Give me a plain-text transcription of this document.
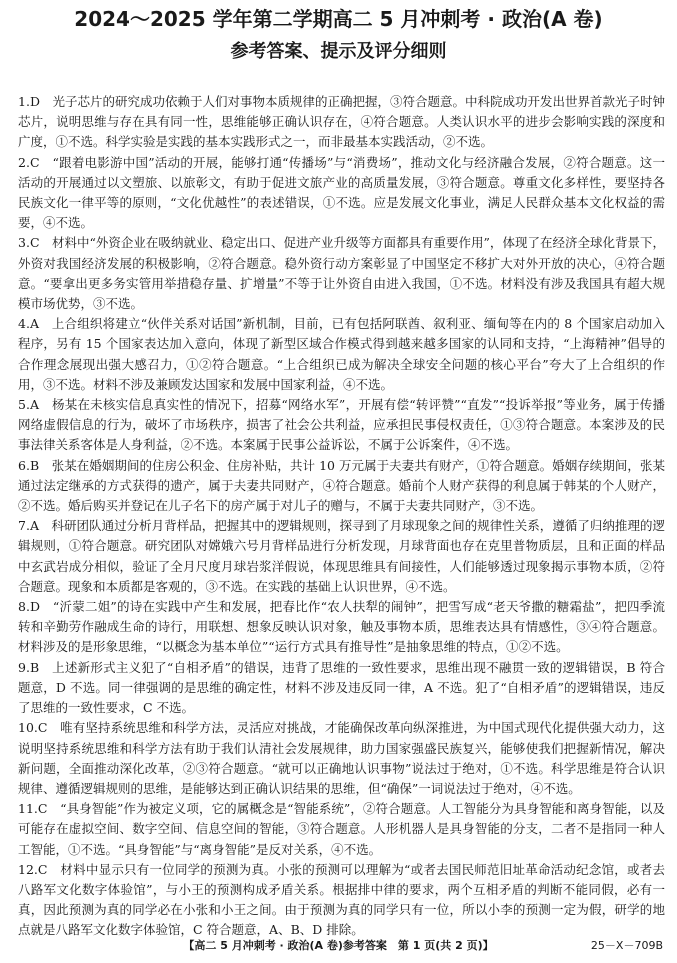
2024～2025 学年第二学期高二 5 月冲刺考 · 政治(A 卷)
参考答案、提示及评分细则

1.D　光子芯片的研究成功依赖于人们对事物本质规律的正确把握，③符合题意。中科院成功开发出世界首款光子时钟芯片，说明思维与存在具有同一性，思维能够正确认识存在，④符合题意。人类认识水平的进步会影响实践的深度和广度，①不选。科学实验是实践的基本实践形式之一，而非最基本实践活动，②不选。

2.C　“跟着电影游中国”活动的开展，能够打通“传播场”与“消费场”，推动文化与经济融合发展，②符合题意。这一活动的开展通过以文塑旅、以旅彰文，有助于促进文旅产业的高质量发展，③符合题意。尊重文化多样性，要坚持各民族文化一律平等的原则，“文化优越性”的表述错误，①不选。应是发展文化事业，满足人民群众基本文化权益的需要，④不选。

3.C　材料中“外资企业在吸纳就业、稳定出口、促进产业升级等方面都具有重要作用”，体现了在经济全球化背景下，外资对我国经济发展的积极影响，②符合题意。稳外资行动方案彰显了中国坚定不移扩大对外开放的决心，④符合题意。“要拿出更多务实管用举措稳存量、扩增量”不等于让外资自由进入我国，①不选。材料没有涉及我国具有超大规模市场优势，③不选。

4.A　上合组织将建立“伙伴关系对话国”新机制，目前，已有包括阿联酋、叙利亚、缅甸等在内的 8 个国家启动加入程序，另有 15 个国家表达加入意向，体现了新型区域合作模式得到越来越多国家的认同和支持，“上海精神”倡导的合作理念展现出强大感召力，①②符合题意。“上合组织已成为解决全球安全问题的核心平台”夸大了上合组织的作用，③不选。材料不涉及兼顾发达国家和发展中国家利益，④不选。

5.A　杨某在未核实信息真实性的情况下，招募“网络水军”，开展有偿“转评赞”“直发”“投诉举报”等业务，属于传播网络虚假信息的行为，破坏了市场秩序，损害了社会公共利益，应承担民事侵权责任，①③符合题意。本案涉及的民事法律关系客体是人身利益，②不选。本案属于民事公益诉讼，不属于公诉案件，④不选。

6.B　张某在婚姻期间的住房公积金、住房补贴，共计 10 万元属于夫妻共有财产，①符合题意。婚姻存续期间，张某通过法定继承的方式获得的遗产，属于夫妻共同财产，④符合题意。婚前个人财产获得的利息属于韩某的个人财产，②不选。婚后购买并登记在儿子名下的房产属于对儿子的赠与，不属于夫妻共同财产，③不选。

7.A　科研团队通过分析月背样品，把握其中的逻辑规则，探寻到了月球现象之间的规律性关系，遵循了归纳推理的逻辑规则，①符合题意。研究团队对嫦娥六号月背样品进行分析发现，月球背面也存在克里普物质层，且和正面的样品中玄武岩成分相似，验证了全月尺度月球岩浆洋假说，体现思维具有间接性，人们能够透过现象揭示事物本质，②符合题意。现象和本质都是客观的，③不选。在实践的基础上认识世界，④不选。

8.D　“沂蒙二姐”的诗在实践中产生和发展，把春比作“农人扶犁的闹钟”，把雪写成“老天爷撒的糖霜盐”，把四季流转和辛勤劳作融成生命的诗行，用联想、想象反映认识对象，触及事物本质，思维表达具有情感性，③④符合题意。材料涉及的是形象思维，“以概念为基本单位”“运行方式具有推导性”是抽象思维的特点，①②不选。

9.B　上述新形式主义犯了“自相矛盾”的错误，违背了思维的一致性要求，思维出现不融贯一致的逻辑错误，B 符合题意，D 不选。同一律强调的是思维的确定性，材料不涉及违反同一律，A 不选。犯了“自相矛盾”的逻辑错误，违反了思维的一致性要求，C 不选。

10.C　唯有坚持系统思维和科学方法，灵活应对挑战，才能确保改革向纵深推进，为中国式现代化提供强大动力，这说明坚持系统思维和科学方法有助于我们认清社会发展规律，助力国家强盛民族复兴，能够使我们把握新情况，解决新问题，全面推动深化改革，②③符合题意。“就可以正确地认识事物”说法过于绝对，①不选。科学思维是符合认识规律、遵循逻辑规则的思维，是能够达到正确认识结果的思维，但“确保”一词说法过于绝对，④不选。

11.C　“具身智能”作为被定义项，它的属概念是“智能系统”，②符合题意。人工智能分为具身智能和离身智能，以及可能存在虚拟空间、数字空间、信息空间的智能，③符合题意。人形机器人是具身智能的分支，二者不是指同一种人工智能，①不选。“具身智能”与“离身智能”是反对关系，④不选。

12.C　材料中显示只有一位同学的预测为真。小张的预测可以理解为“或者去国民师范旧址革命活动纪念馆，或者去八路军文化数字体验馆”，与小王的预测构成矛盾关系。根据排中律的要求，两个互相矛盾的判断不能同假，必有一真，因此预测为真的同学必在小张和小王之间。由于预测为真的同学只有一位，所以小李的预测一定为假，研学的地点就是八路军文化数字体验馆，C 符合题意，A、B、D 排除。

【高二 5 月冲刺考 · 政治(A 卷)参考答案　第 1 页(共 2 页)】	25－X－709B
